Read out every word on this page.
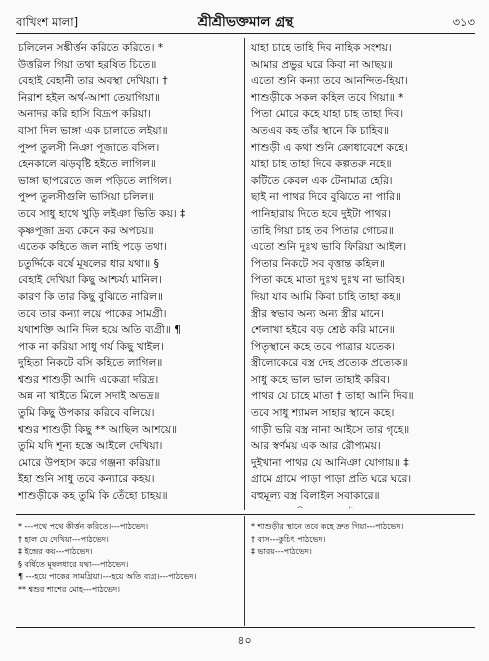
বাখিংশ মালা]	শ্রীশ্রীভক্তমাল গ্রন্থ	৩১৩
চলিলেন সঙ্কীর্ত্তন করিতে করিতে। *
উত্তরিল গিয়া তথা হরষিত চিতে॥
বেহাই বেহানী তার অবস্থা দেখিয়া। †
নিরাশ হইল অর্থ-আশা তেয়াগিয়া॥
অনাদর করি হাসি বিদ্রূপ করিয়া।
বাসা দিল ভাঙ্গা এক চালাতে লইয়া॥
পুষ্প তুলসী নিঞা পূজাতে বসিল।
হেনকালে ঝড়বৃষ্টি হইতে লাগিল॥
ভাঙ্গা ছাপরেতে জল পড়িতে লাগিল।
পুষ্প তুলসীগুলি ভাসিয়া চলিল॥
তবে সাধু হাথে খুড়ি লইঞা ভিতি কয়। ‡
কৃষ্ণপূজা দ্রব্য কেনে কর অপচয়॥
এতেক কহিতে জল নাহি পড়ে তথা।
চতুর্দ্দিকে বর্ষে মূষলের ধার যথা॥ §
বেহাই দেখিয়া কিছু আশ্চর্য্য মানিল।
কারণ কি তার কিছু বুঝিতে নারিল॥
তবে তার কন্যা লয়ে পাকের সামগ্রী।
যথাশক্তি আনি দিল হয়ে অতি ব্যগ্রী॥ ¶
পাক না করিয়া সাধু গৰ্য কিছু খাইল।
দুহিতা নিকটে বসি কহিতে লাগিল॥
শ্বশুর শাশুড়ী আদি একেত্রা দরিদ্র।
অন্ন না খাইতে মিলে সদাই অভদ্র॥
তুমি কিছু উপকার করিবে বলিয়ে।
শ্বশুর শাশুড়ী কিছু ** আছিল আশয়ে॥
তুমি যদি শূন্য হস্তে আইলে দেখিয়া।
মোরে উপহাস করে গঞ্জনা করিয়া॥
ইহা শুনি সাধু তবে কন্যারে কহয়।
শাশুড়ীকে কহ তুমি কি তেঁহো চাহয়॥
যাহা চাহে তাহি দিব নাহিক সংশয়।
আমার প্রভুর ঘরে কিবা না আছয়॥
এতো শুনি কন্যা তবে আনন্দিত-হিয়া।
শাশুড়ীকে সকল কহিল তবে গিয়া॥ *
পিতা মোরে কহে যাহা চাহ তাহা দিব।
অতএব কহ তাঁর স্থানে কি চাহিব॥
শাশুড়ী এ কথা শুনি ক্রোধাবেশে কহে।
যাহা চাহ তাহা দিবে কল্পতরু নহে॥
কটিতে কেবল এক টেনামাত্র হেরি।
ছাই না পাথর দিবে বুঝিতে না পারি॥
পানিহারায় দিতে হবে দুইটা পাথর।
তাহি গিয়া চাহ তব পিতার গোচর॥
এতো শুনি দুঃখ ভাবি ফিরিয়া আইল।
পিতার নিকটে সব বৃত্তান্ত কহিল॥
পিতা কহে মাতা দুঃখ দুঃখ না ভাবিহ।
দিয়া যাব আমি কিবা চাহি তাহা কহ॥
স্ত্রীর স্বভাব অন্য অন্য স্ত্রীর মানে।
শেলাখা হইবে বড় শ্রেষ্ঠ করি মানে॥
পিতৃস্থানে কহে তবে পাত্রার যতেক।
স্ত্রীলোকেরে বস্ত্র দেহ প্রত্যেক প্রত্যেক॥
সাধু কহে ভাল ভাল তাহাই করিব।
পাথর যে চাহে মাতা † তাহা আনি দিব॥
তবে সাধু শ্যামল সাহার স্থানে কহে।
গাড়ী ভরি বস্ত্র নানা আইসে তার গৃহে॥
আর স্বর্ণময় এক আর রৌপ্যময়।
দুইখানা পাথর যে আনিঞা যোগায়॥ ‡
গ্রামে গ্রামে পাড়া পাড়া প্রতি ঘরে ঘরে।
বহুমূল্য বস্ত্র বিলাইল সবাকারে॥
* ---পথে পথে কীর্ত্তন করিতে।---পাঠভেদ।
† হাল যে দেখিয়া---পাঠভেদ।
‡ ইন্দ্রের কয়---পাঠভেদ।
§ বর্ষিতে মূষলধারে যথা---পাঠভেদ।
¶ ---হয়ে পাকের সামগ্রিয়া।---হয়ে অতি ব্যগ্র।---পাঠভেদ।
** শ্বশুর শাশের মোহ---পাঠভেদ।
* শাশুড়ীর স্থানে তবে কহে দ্রুত গিয়া---পাঠভেদ।
† বাস---কুচিৎ পাঠভেদ।
‡ ভারয়---পাঠভেদ।
৪০
